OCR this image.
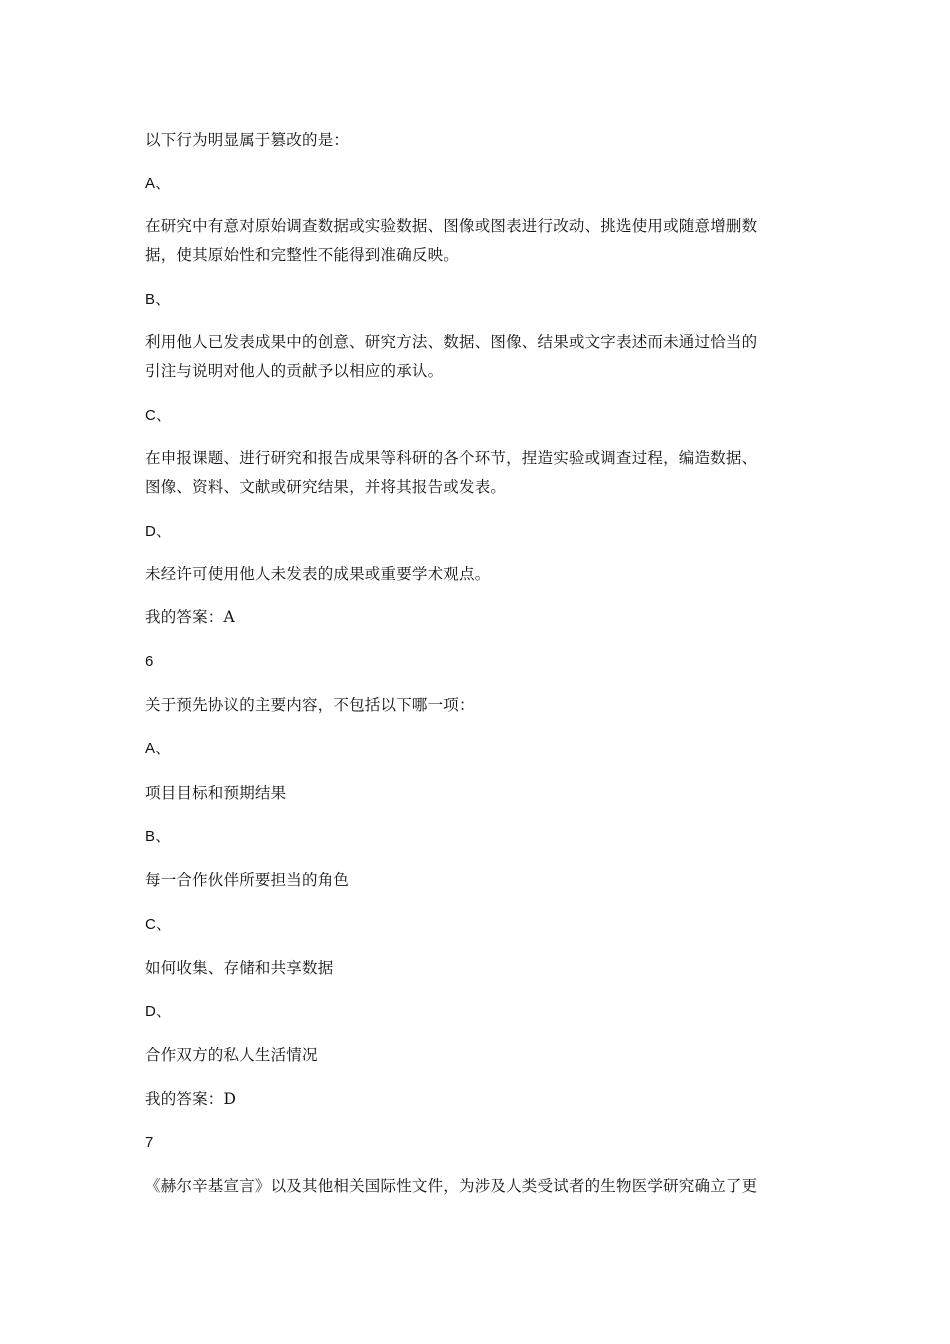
以下行为明显属于篡改的是：
A、
在研究中有意对原始调查数据或实验数据、图像或图表进行改动、挑选使用或随意增删数
据，使其原始性和完整性不能得到准确反映。
B、
利用他人已发表成果中的创意、研究方法、数据、图像、结果或文字表述而未通过恰当的
引注与说明对他人的贡献予以相应的承认。
C、
在申报课题、进行研究和报告成果等科研的各个环节，捏造实验或调查过程，编造数据、
图像、资料、文献或研究结果，并将其报告或发表。
D、
未经许可使用他人未发表的成果或重要学术观点。
我的答案：A
6
关于预先协议的主要内容，不包括以下哪一项：
A、
项目目标和预期结果
B、
每一合作伙伴所要担当的角色
C、
如何收集、存储和共享数据
D、
合作双方的私人生活情况
我的答案：D
7
《赫尔辛基宣言》以及其他相关国际性文件，为涉及人类受试者的生物医学研究确立了更
